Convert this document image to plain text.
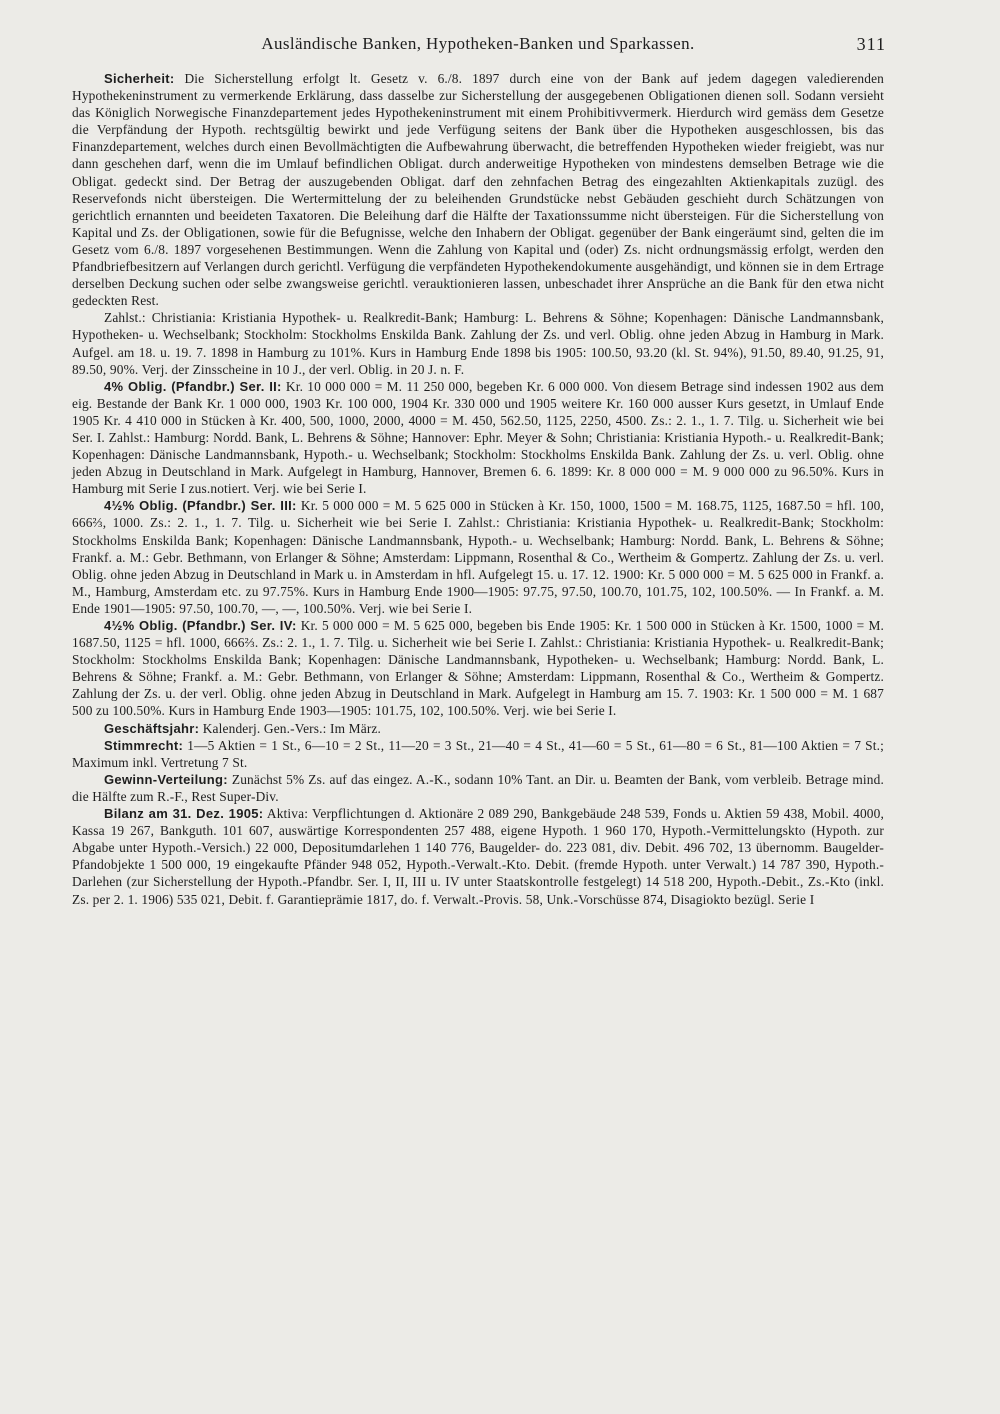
Ausländische Banken, Hypotheken-Banken und Sparkassen.	311

Sicherheit: Die Sicherstellung erfolgt lt. Gesetz v. 6./8. 1897 durch eine von der Bank auf jedem dagegen valedierenden Hypothekeninstrument zu vermerkende Erklärung, dass dasselbe zur Sicherstellung der ausgegebenen Obligationen dienen soll. Sodann versieht das Königlich Norwegische Finanzdepartement jedes Hypothekeninstrument mit einem Prohibitivvermerk. Hierdurch wird gemäss dem Gesetze die Verpfändung der Hypoth. rechtsgültig bewirkt und jede Verfügung seitens der Bank über die Hypotheken ausgeschlossen, bis das Finanzdepartement, welches durch einen Bevollmächtigten die Aufbewahrung überwacht, die betreffenden Hypotheken wieder freigiebt, was nur dann geschehen darf, wenn die im Umlauf befindlichen Obligat. durch anderweitige Hypotheken von mindestens demselben Betrage wie die Obligat. gedeckt sind. Der Betrag der auszugebenden Obligat. darf den zehnfachen Betrag des eingezahlten Aktienkapitals zuzügl. des Reservefonds nicht übersteigen. Die Wertermittelung der zu beleihenden Grundstücke nebst Gebäuden geschieht durch Schätzungen von gerichtlich ernannten und beeideten Taxatoren. Die Beleihung darf die Hälfte der Taxationssumme nicht übersteigen. Für die Sicherstellung von Kapital und Zs. der Obligationen, sowie für die Befugnisse, welche den Inhabern der Obligat. gegenüber der Bank eingeräumt sind, gelten die im Gesetz vom 6./8. 1897 vorgesehenen Bestimmungen. Wenn die Zahlung von Kapital und (oder) Zs. nicht ordnungsmässig erfolgt, werden den Pfandbriefbesitzern auf Verlangen durch gerichtl. Verfügung die verpfändeten Hypothekendokumente ausgehändigt, und können sie in dem Ertrage derselben Deckung suchen oder selbe zwangsweise gerichtl. verauktionieren lassen, unbeschadet ihrer Ansprüche an die Bank für den etwa nicht gedeckten Rest.

Zahlst.: Christiania: Kristiania Hypothek- u. Realkredit-Bank; Hamburg: L. Behrens & Söhne; Kopenhagen: Dänische Landmannsbank, Hypotheken- u. Wechselbank; Stockholm: Stockholms Enskilda Bank. Zahlung der Zs. und verl. Oblig. ohne jeden Abzug in Hamburg in Mark. Aufgel. am 18. u. 19. 7. 1898 in Hamburg zu 101%. Kurs in Hamburg Ende 1898 bis 1905: 100.50, 93.20 (kl. St. 94%), 91.50, 89.40, 91.25, 91, 89.50, 90%. Verj. der Zinsscheine in 10 J., der verl. Oblig. in 20 J. n. F.

4% Oblig. (Pfandbr.) Ser. II: Kr. 10 000 000 = M. 11 250 000, begeben Kr. 6 000 000. Von diesem Betrage sind indessen 1902 aus dem eig. Bestande der Bank Kr. 1 000 000, 1903 Kr. 100 000, 1904 Kr. 330 000 und 1905 weitere Kr. 160 000 ausser Kurs gesetzt, in Umlauf Ende 1905 Kr. 4 410 000 in Stücken à Kr. 400, 500, 1000, 2000, 4000 = M. 450, 562.50, 1125, 2250, 4500. Zs.: 2. 1., 1. 7. Tilg. u. Sicherheit wie bei Ser. I. Zahlst.: Hamburg: Nordd. Bank, L. Behrens & Söhne; Hannover: Ephr. Meyer & Sohn; Christiania: Kristiania Hypoth.- u. Realkredit-Bank; Kopenhagen: Dänische Landmannsbank, Hypoth.- u. Wechselbank; Stockholm: Stockholms Enskilda Bank. Zahlung der Zs. u. verl. Oblig. ohne jeden Abzug in Deutschland in Mark. Aufgelegt in Hamburg, Hannover, Bremen 6. 6. 1899: Kr. 8 000 000 = M. 9 000 000 zu 96.50%. Kurs in Hamburg mit Serie I zus.notiert. Verj. wie bei Serie I.

4½% Oblig. (Pfandbr.) Ser. III: Kr. 5 000 000 = M. 5 625 000 in Stücken à Kr. 150, 1000, 1500 = M. 168.75, 1125, 1687.50 = hfl. 100, 666⅔, 1000. Zs.: 2. 1., 1. 7. Tilg. u. Sicherheit wie bei Serie I. Zahlst.: Christiania: Kristiania Hypothek- u. Realkredit-Bank; Stockholm: Stockholms Enskilda Bank; Kopenhagen: Dänische Landmannsbank, Hypoth.- u. Wechselbank; Hamburg: Nordd. Bank, L. Behrens & Söhne; Frankf. a. M.: Gebr. Bethmann, von Erlanger & Söhne; Amsterdam: Lippmann, Rosenthal & Co., Wertheim & Gompertz. Zahlung der Zs. u. verl. Oblig. ohne jeden Abzug in Deutschland in Mark u. in Amsterdam in hfl. Aufgelegt 15. u. 17. 12. 1900: Kr. 5 000 000 = M. 5 625 000 in Frankf. a. M., Hamburg, Amsterdam etc. zu 97.75%. Kurs in Hamburg Ende 1900—1905: 97.75, 97.50, 100.70, 101.75, 102, 100.50%. — In Frankf. a. M. Ende 1901—1905: 97.50, 100.70, —, —, 100.50%. Verj. wie bei Serie I.

4½% Oblig. (Pfandbr.) Ser. IV: Kr. 5 000 000 = M. 5 625 000, begeben bis Ende 1905: Kr. 1 500 000 in Stücken à Kr. 1500, 1000 = M. 1687.50, 1125 = hfl. 1000, 666⅔. Zs.: 2. 1., 1. 7. Tilg. u. Sicherheit wie bei Serie I. Zahlst.: Christiania: Kristiania Hypothek- u. Realkredit-Bank; Stockholm: Stockholms Enskilda Bank; Kopenhagen: Dänische Landmannsbank, Hypotheken- u. Wechselbank; Hamburg: Nordd. Bank, L. Behrens & Söhne; Frankf. a. M.: Gebr. Bethmann, von Erlanger & Söhne; Amsterdam: Lippmann, Rosenthal & Co., Wertheim & Gompertz. Zahlung der Zs. u. der verl. Oblig. ohne jeden Abzug in Deutschland in Mark. Aufgelegt in Hamburg am 15. 7. 1903: Kr. 1 500 000 = M. 1 687 500 zu 100.50%. Kurs in Hamburg Ende 1903—1905: 101.75, 102, 100.50%. Verj. wie bei Serie I.

Geschäftsjahr: Kalenderj. Gen.-Vers.: Im März.

Stimmrecht: 1—5 Aktien = 1 St., 6—10 = 2 St., 11—20 = 3 St., 21—40 = 4 St., 41—60 = 5 St., 61—80 = 6 St., 81—100 Aktien = 7 St.; Maximum inkl. Vertretung 7 St.

Gewinn-Verteilung: Zunächst 5% Zs. auf das eingez. A.-K., sodann 10% Tant. an Dir. u. Beamten der Bank, vom verbleib. Betrage mind. die Hälfte zum R.-F., Rest Super-Div.

Bilanz am 31. Dez. 1905: Aktiva: Verpflichtungen d. Aktionäre 2 089 290, Bankgebäude 248 539, Fonds u. Aktien 59 438, Mobil. 4000, Kassa 19 267, Bankguth. 101 607, auswärtige Korrespondenten 257 488, eigene Hypoth. 1 960 170, Hypoth.-Vermittelungskto (Hypoth. zur Abgabe unter Hypoth.-Versich.) 22 000, Depositumdarlehen 1 140 776, Baugelder- do. 223 081, div. Debit. 496 702, 13 übernomm. Baugelder-Pfandobjekte 1 500 000, 19 eingekaufte Pfänder 948 052, Hypoth.-Verwalt.-Kto. Debit. (fremde Hypoth. unter Verwalt.) 14 787 390, Hypoth.-Darlehen (zur Sicherstellung der Hypoth.-Pfandbr. Ser. I, II, III u. IV unter Staatskontrolle festgelegt) 14 518 200, Hypoth.-Debit., Zs.-Kto (inkl. Zs. per 2. 1. 1906) 535 021, Debit. f. Garantieprämie 1817, do. f. Verwalt.-Provis. 58, Unk.-Vorschüsse 874, Disagiokto bezügl. Serie I
